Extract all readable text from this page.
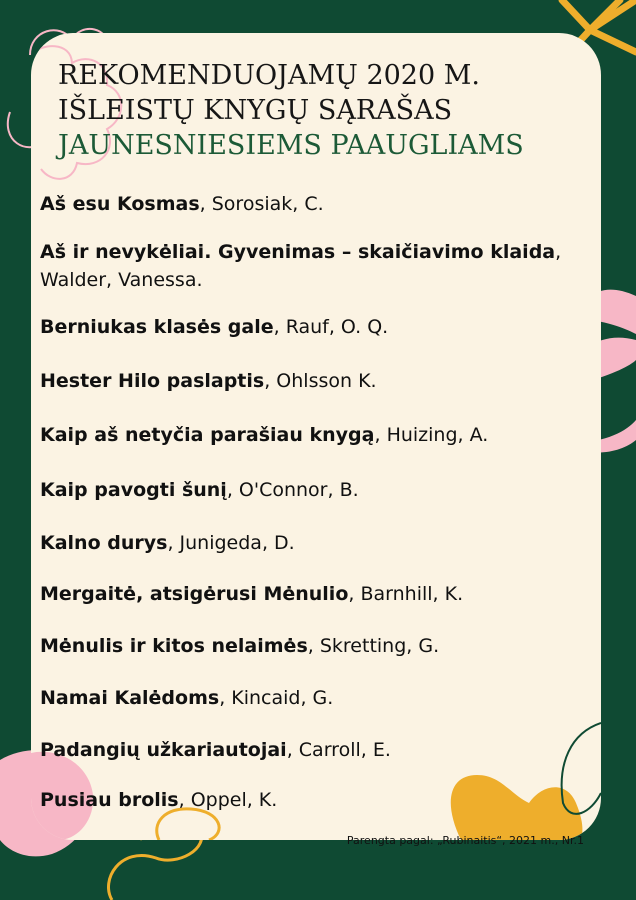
REKOMENDUOJAMŲ 2020 M.
IŠLEISTŲ KNYGŲ SĄRAŠAS
JAUNESNIESIEMS PAAUGLIAMS

Aš esu Kosmas, Sorosiak, C.

Aš ir nevykėliai. Gyvenimas – skaičiavimo klaida, Walder, Vanessa.

Berniukas klasės gale, Rauf, O. Q.

Hester Hilo paslaptis, Ohlsson K.

Kaip aš netyčia parašiau knygą, Huizing, A.

Kaip pavogti šunį, O'Connor, B.

Kalno durys, Junigeda, D.

Mergaitė, atsigėrusi Mėnulio, Barnhill, K.

Mėnulis ir kitos nelaimės, Skretting, G.

Namai Kalėdoms, Kincaid, G.

Padangių užkariautojai, Carroll, E.

Pusiau brolis, Oppel, K.

Parengta pagal: „Rubinaitis“, 2021 m., Nr.1
